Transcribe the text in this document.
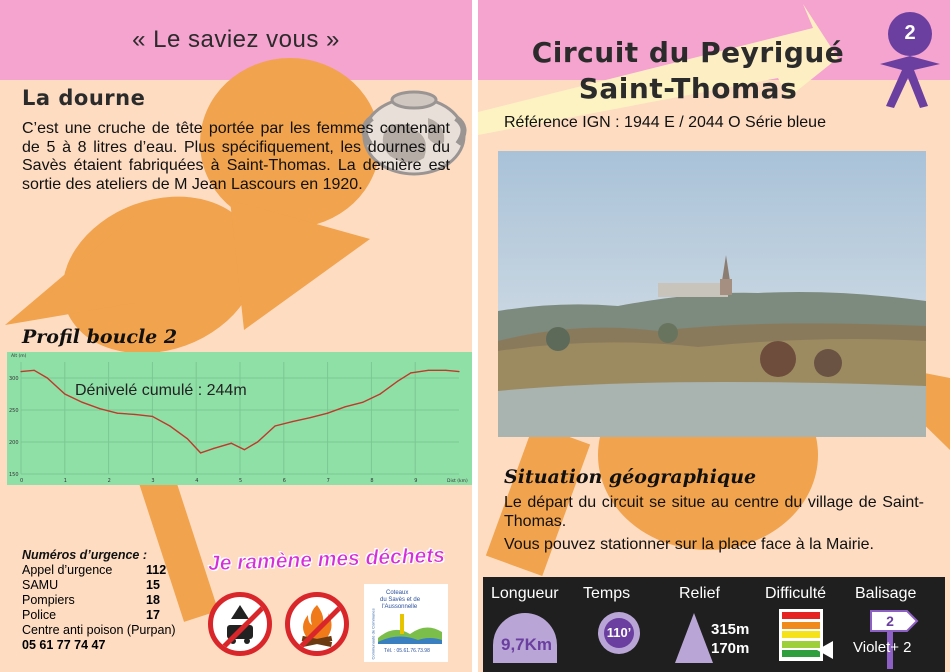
« Le saviez vous »
La dourne
C’est une cruche de tête portée par les femmes contenant de 5 à 8 litres d’eau. Plus spécifiquement, les dournes du Savès étaient fabriquées à Saint-Thomas. La dernière est sortie des ateliers de M Jean Lascours en 1920.
Profil boucle 2
150
200
250
300
0	1	2	3	4	5	6	7	8	9
Alt (m)
Dist (km)
Dénivelé cumulé : 244m
Numéros d’urgence :
Appel d’urgence	112
SAMU	15
Pompiers	18
Police	17
Centre anti poison (Purpan)	
05 61 77 74 47	
Je ramène mes déchets
Communauté de Communes
Coteaux
du Savès et de
l'Aussonnelle
Tél. : 05.61.76.73.98
2
Circuit du Peyrigué
Saint-Thomas
Référence IGN : 1944 E / 2044 O Série bleue
Situation géographique
Le départ du circuit se situe au centre du village de Saint-Thomas.
Vous pouvez stationner sur la place face à la Mairie.
Longueur
9,7Km
Temps
110’
Relief
315m
170m
Difficulté Balisage
2
Violet+ 2
